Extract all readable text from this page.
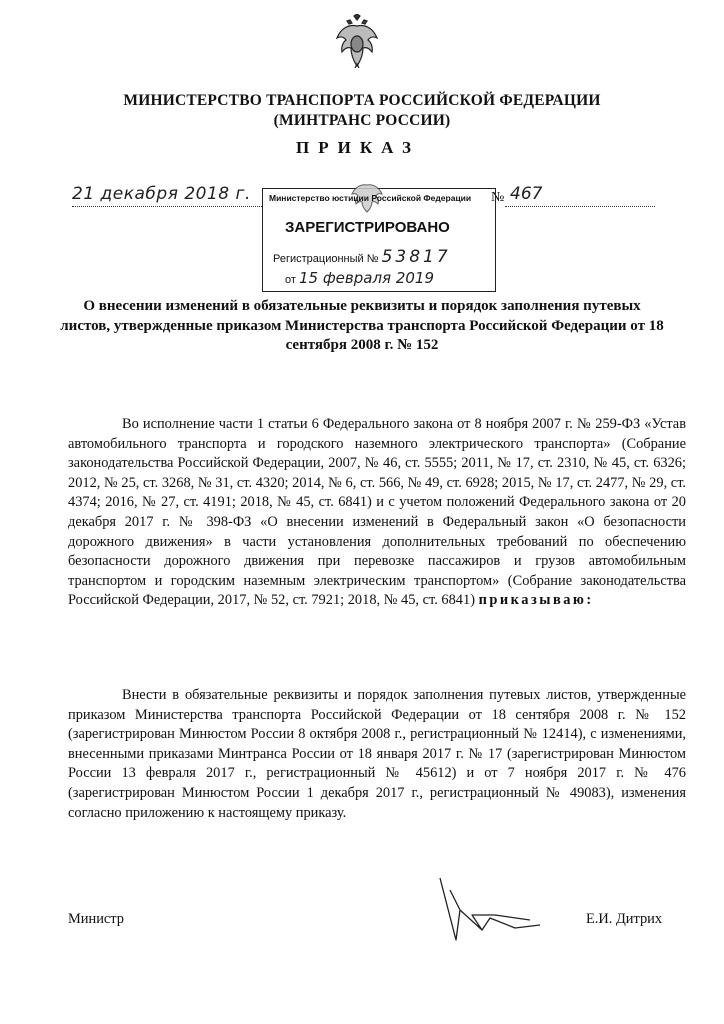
МИНИСТЕРСТВО ТРАНСПОРТА РОССИЙСКОЙ ФЕДЕРАЦИИ
(МИНТРАНС РОССИИ)
ПРИКАЗ
21 декабря 2018 г.	№ 467
Министерство юстиции Российской Федерации
ЗАРЕГИСТРИРОВАНО
Регистрационный № 53817
от 15 февраля 2019
О внесении изменений в обязательные реквизиты и порядок заполнения путевых листов, утвержденные приказом Министерства транспорта Российской Федерации от 18 сентября 2008 г. № 152
Во исполнение части 1 статьи 6 Федерального закона от 8 ноября 2007 г. № 259-ФЗ «Устав автомобильного транспорта и городского наземного электрического транспорта» (Собрание законодательства Российской Федерации, 2007, № 46, ст. 5555; 2011, № 17, ст. 2310, № 45, ст. 6326; 2012, № 25, ст. 3268, № 31, ст. 4320; 2014, № 6, ст. 566, № 49, ст. 6928; 2015, № 17, ст. 2477, № 29, ст. 4374; 2016, № 27, ст. 4191; 2018, № 45, ст. 6841) и с учетом положений Федерального закона от 20 декабря 2017 г. № 398-ФЗ «О внесении изменений в Федеральный закон «О безопасности дорожного движения» в части установления дополнительных требований по обеспечению безопасности дорожного движения при перевозке пассажиров и грузов автомобильным транспортом и городским наземным электрическим транспортом» (Собрание законодательства Российской Федерации, 2017, № 52, ст. 7921; 2018, № 45, ст. 6841) приказываю:
Внести в обязательные реквизиты и порядок заполнения путевых листов, утвержденные приказом Министерства транспорта Российской Федерации от 18 сентября 2008 г. № 152 (зарегистрирован Минюстом России 8 октября 2008 г., регистрационный № 12414), с изменениями, внесенными приказами Минтранса России от 18 января 2017 г. № 17 (зарегистрирован Минюстом России 13 февраля 2017 г., регистрационный № 45612) и от 7 ноября 2017 г. № 476 (зарегистрирован Минюстом России 1 декабря 2017 г., регистрационный № 49083), изменения согласно приложению к настоящему приказу.
Министр	Е.И. Дитрих
